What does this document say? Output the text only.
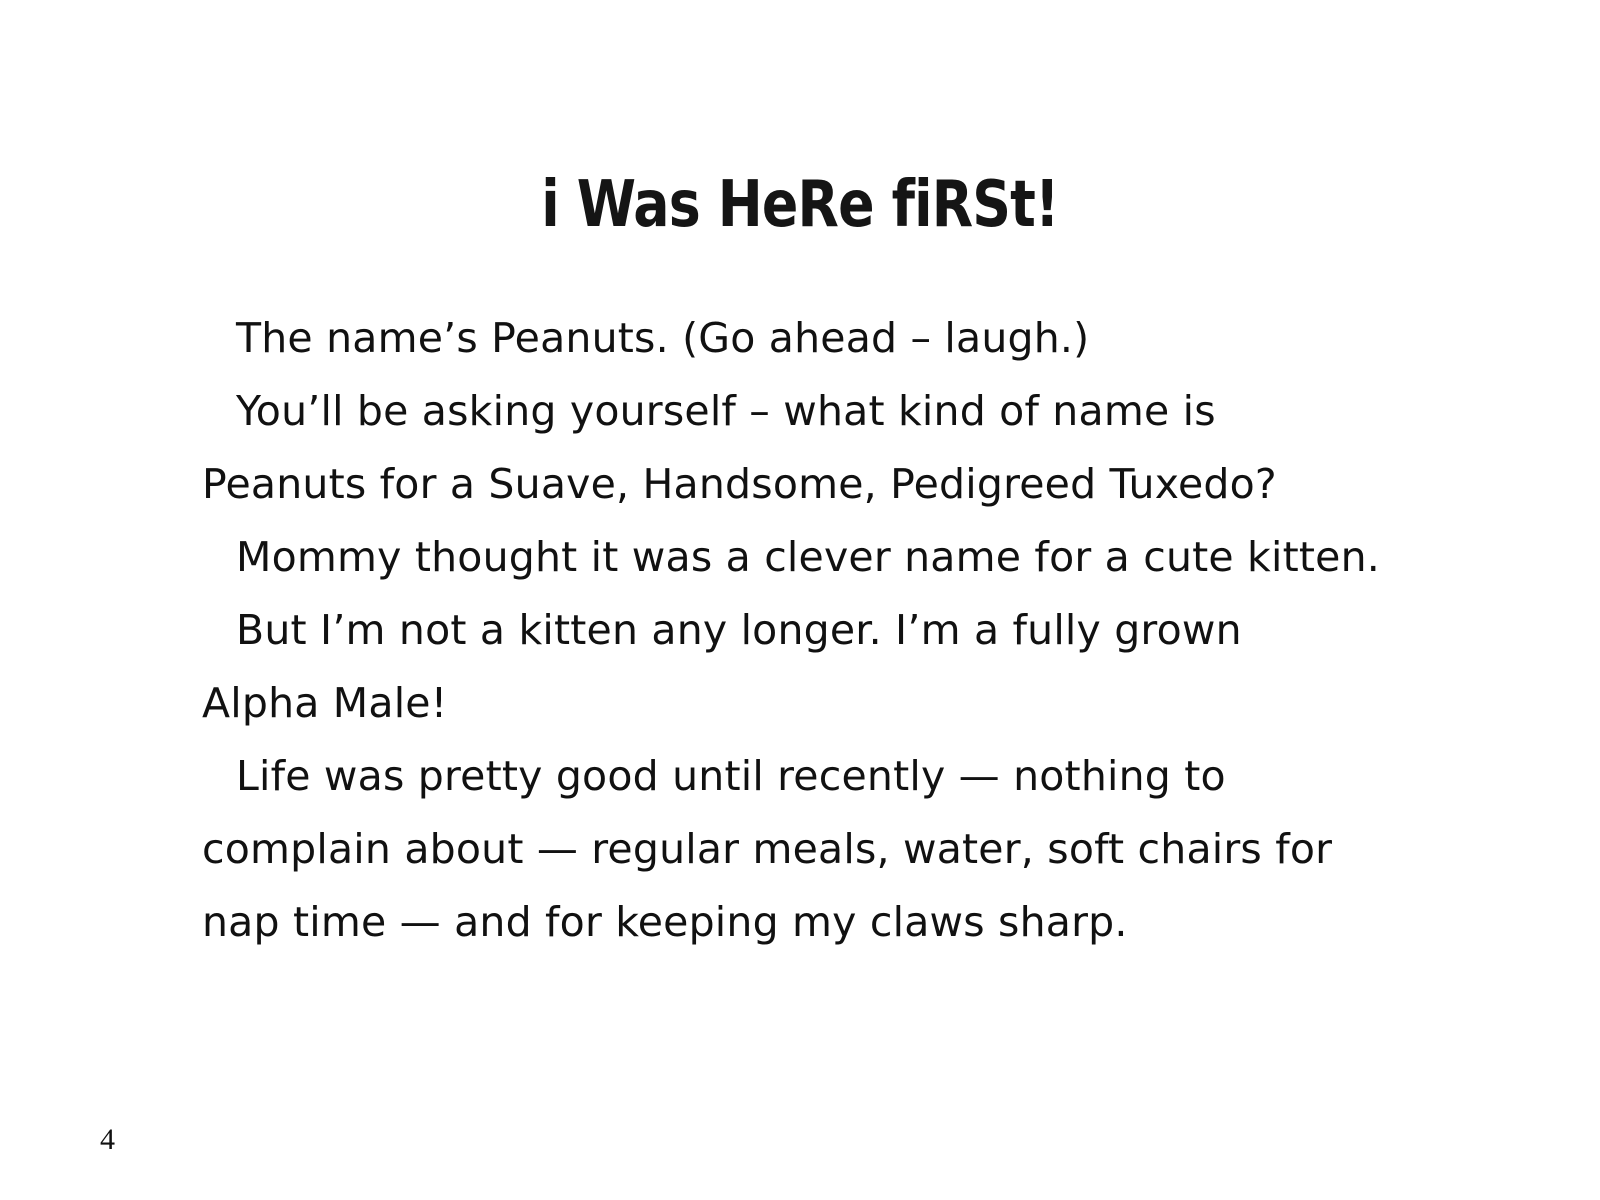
i Was HeRe fiRSt!
The name’s Peanuts. (Go ahead – laugh.)
You’ll be asking yourself – what kind of name is
Peanuts for a Suave, Handsome, Pedigreed Tuxedo?
Mommy thought it was a clever name for a cute kitten.
But I’m not a kitten any longer. I’m a fully grown
Alpha Male!
Life was pretty good until recently — nothing to
complain about — regular meals, water, soft chairs for
nap time — and for keeping my claws sharp.
4
